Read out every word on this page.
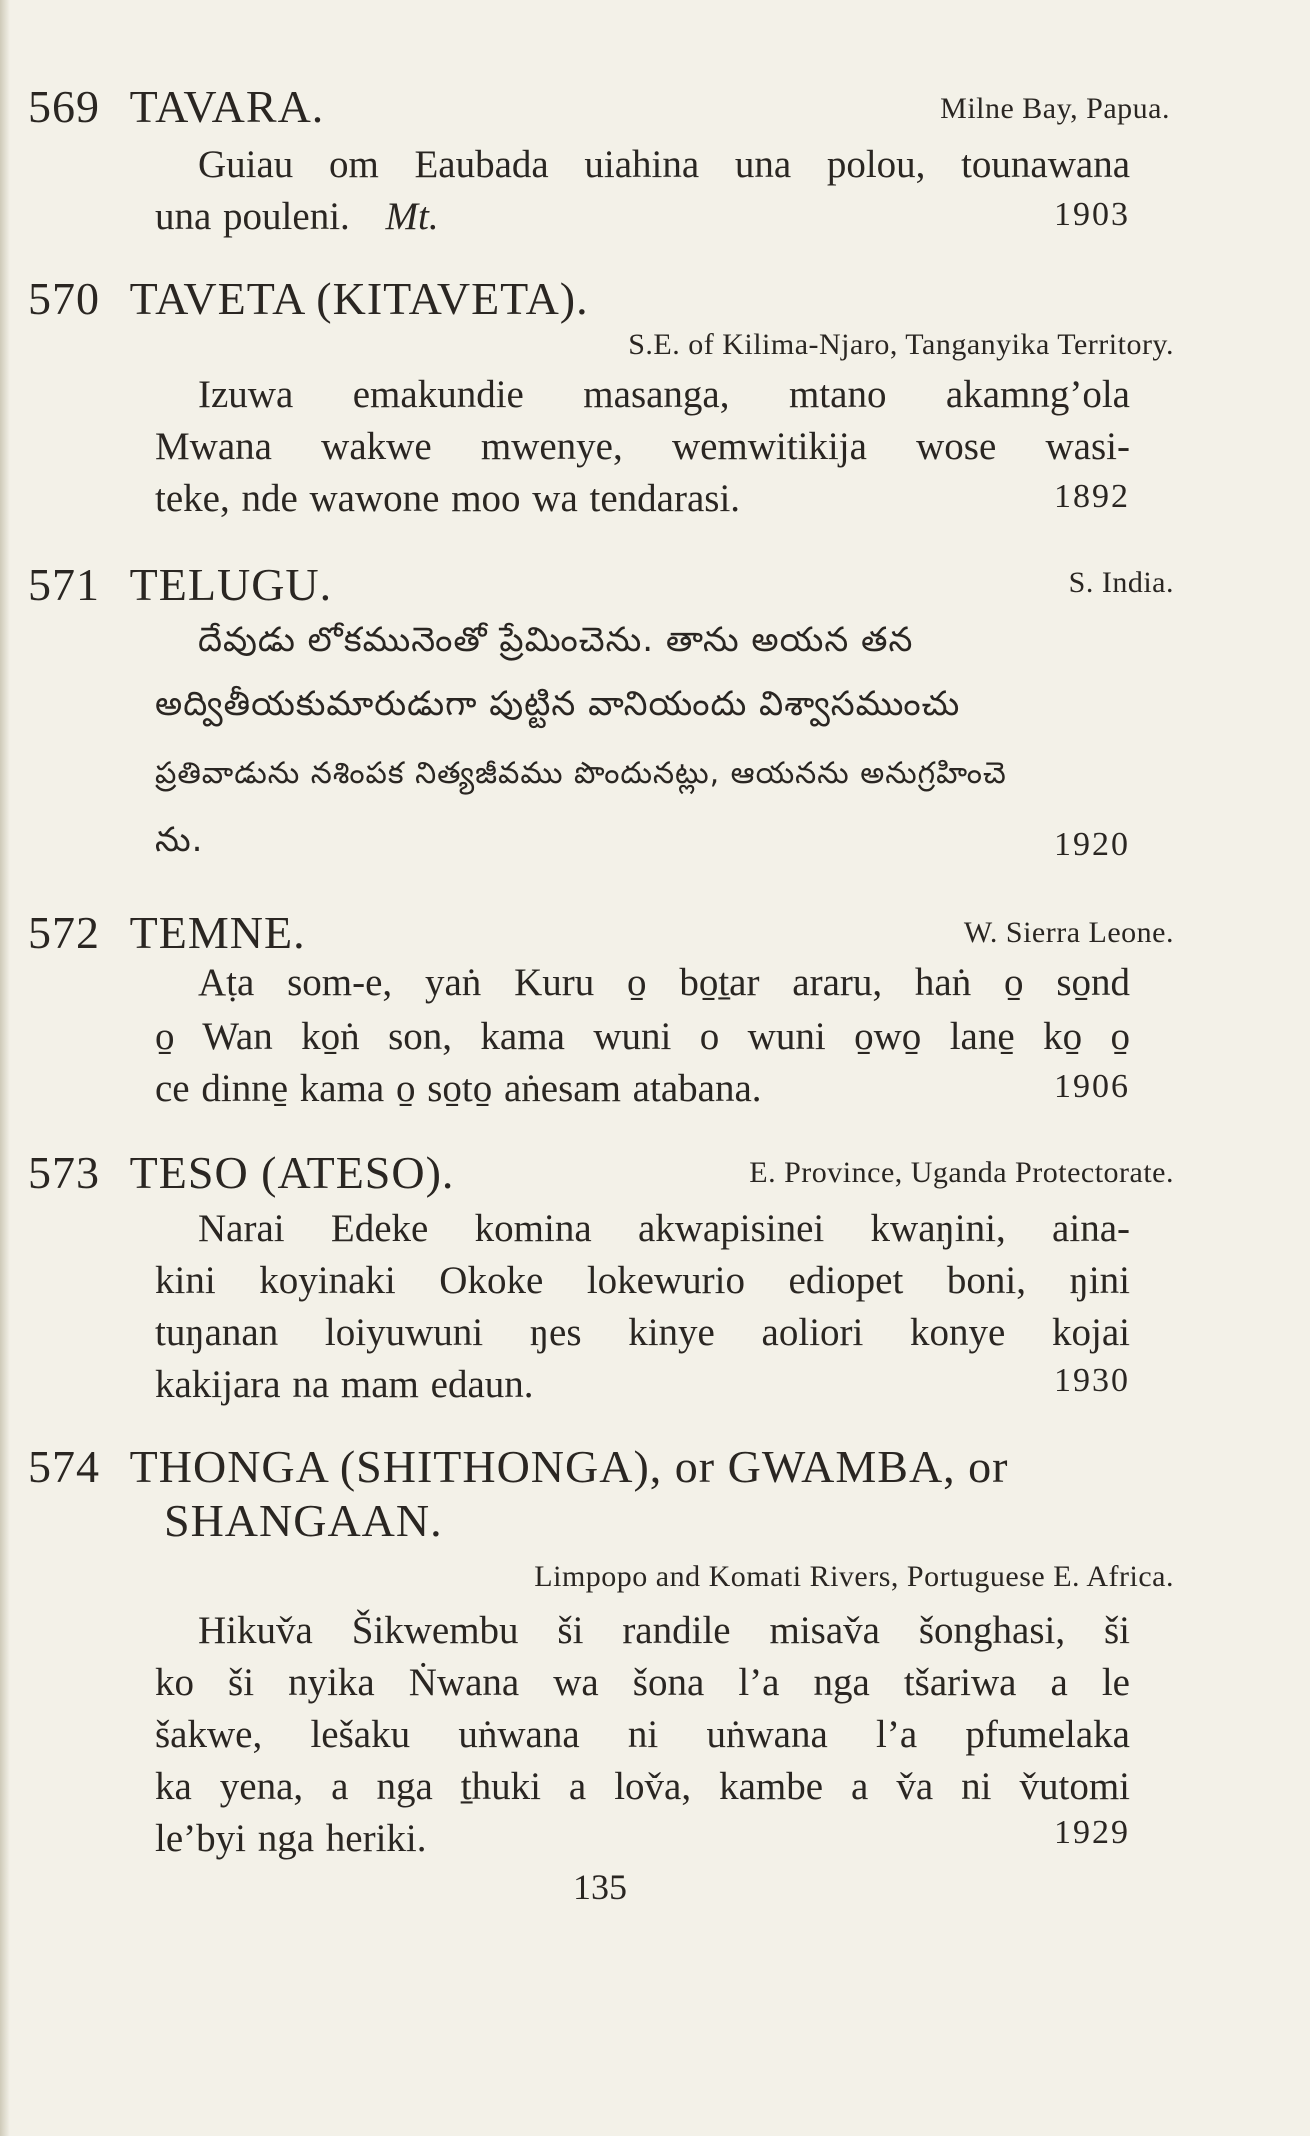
569 TAVARA.	Milne Bay, Papua.
Guiau om Eaubada uiahina una polou, tounawana
una pouleni. Mt.	1903
570 TAVETA (KITAVETA).
S.E. of Kilima-Njaro, Tanganyika Territory.
Izuwa emakundie masanga, mtano akamng’ola
Mwana wakwe mwenye, wemwitikija wose wasi-
teke, nde wawone moo wa tendarasi.	1892
571 TELUGU.	S. India.
దేవుడు లోకమునెంతో ప్రేమించెను. తాను అయన తన
అద్వితీయకుమారుడుగా పుట్టిన వానియందు విశ్వాసముంచు
ప్రతివాడును నశింపక నిత్యజీవము పొందునట్లు, ఆయనను అనుగ్రహించె
ను.	1920
572 TEMNE.	W. Sierra Leone.
Aṭa som-e, yaṅ Kuru o̱ bo̱ṯar araru, haṅ o̱ so̱nd
o̱ Wan ko̱ṅ son, kama wuni o wuni o̱wo̱ lane̱ ko̱ o̱
ce dinne̱ kama o̱ so̱to̱ aṅesam atabana.	1906
573 TESO (ATESO).	E. Province, Uganda Protectorate.
Narai Edeke komina akwapisinei kwaŋini, aina-
kini koyinaki Okoke lokewurio ediopet boni, ŋini
tuŋanan loiyuwuni ŋes kinye aoliori konye kojai
kakijara na mam edaun.	1930
574 THONGA (SHITHONGA), or GWAMBA, or
SHANGAAN.
Limpopo and Komati Rivers, Portuguese E. Africa.
Hikuv̌a Šikwembu ši randile misav̌a šonghasi, ši
ko ši nyika Ṅwana wa šona l’a nga tšariwa a le
šakwe, lešaku uṅwana ni uṅwana l’a pfumelaka
ka yena, a nga ṯhuki a lov̌a, kambe a v̌a ni v̌utomi
le’byi nga heriki.	1929
135
